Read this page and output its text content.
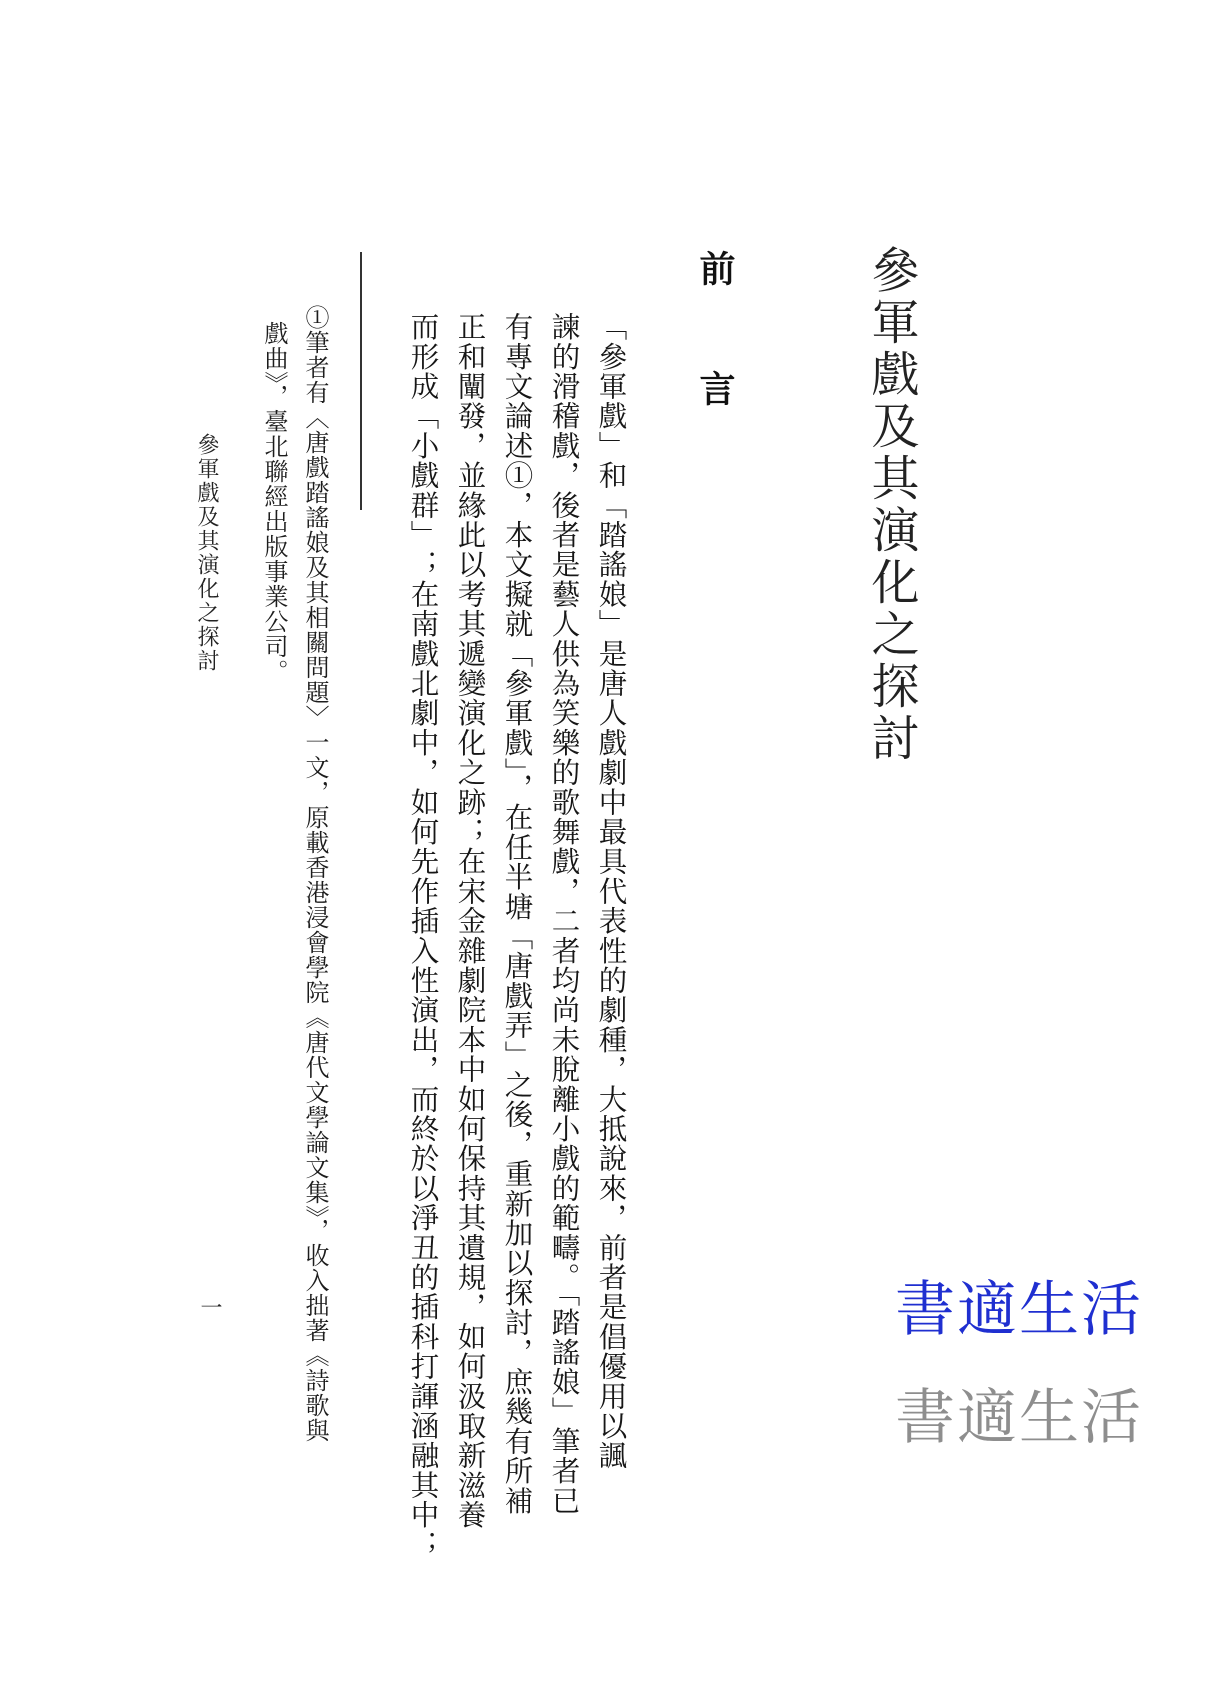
參軍戲及其演化之探討
前　言
「參軍戲」和「踏謠娘」是唐人戲劇中最具代表性的劇種，大抵說來，前者是倡優用以諷
諫的滑稽戲，後者是藝人供為笑樂的歌舞戲，二者均尚未脫離小戲的範疇。「踏謠娘」筆者已
有專文論述①，本文擬就「參軍戲」，在任半塘「唐戲弄」之後，重新加以探討，庶幾有所補
正和闡發，並緣此以考其遞變演化之跡；在宋金雜劇院本中如何保持其遺規，如何汲取新滋養
而形成「小戲群」；在南戲北劇中，如何先作插入性演出，而終於以淨丑的插科打諢涵融其中；
①筆者有〈唐戲踏謠娘及其相關問題〉一文，原載香港浸會學院《唐代文學論文集》，收入拙著《詩歌與
戲曲》，臺北聯經出版事業公司。
參軍戲及其演化之探討
一	書適生活
書適生活
